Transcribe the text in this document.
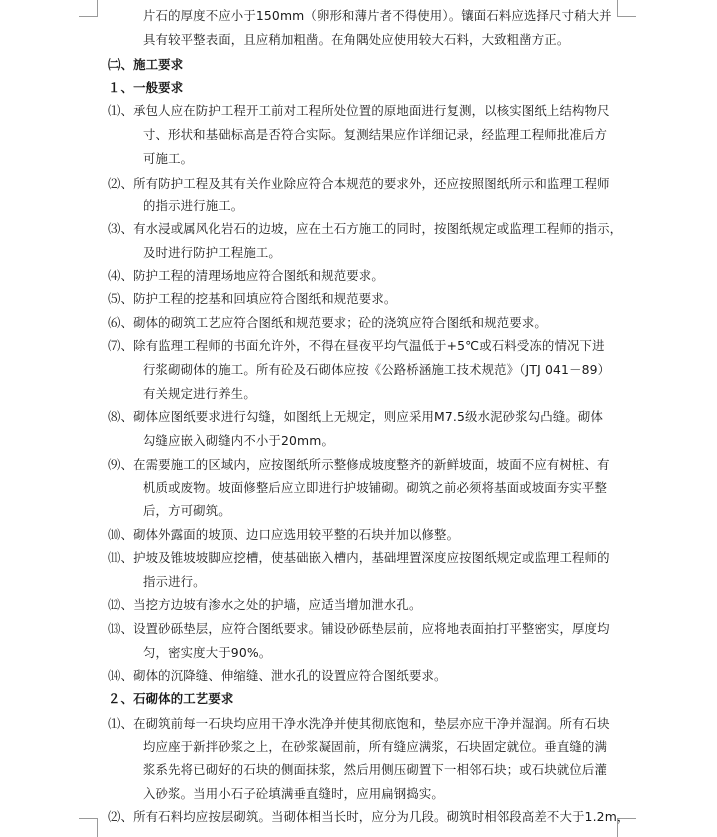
片石的厚度不应小于150mm（卵形和薄片者不得使用）。镶面石料应选择尺寸稍大并
具有较平整表面，且应稍加粗凿。在角隅处应使用较大石料，大致粗凿方正。
㈡、施工要求
１、一般要求
⑴、承包人应在防护工程开工前对工程所处位置的原地面进行复测，以核实图纸上结构物尺
寸、形状和基础标高是否符合实际。复测结果应作详细记录，经监理工程师批准后方
可施工。
⑵、所有防护工程及其有关作业除应符合本规范的要求外，还应按照图纸所示和监理工程师
的指示进行施工。
⑶、有水浸或属风化岩石的边坡，应在土石方施工的同时，按图纸规定或监理工程师的指示，
及时进行防护工程施工。
⑷、防护工程的清理场地应符合图纸和规范要求。
⑸、防护工程的挖基和回填应符合图纸和规范要求。
⑹、砌体的砌筑工艺应符合图纸和规范要求；砼的浇筑应符合图纸和规范要求。
⑺、除有监理工程师的书面允许外，不得在昼夜平均气温低于+5℃或石料受冻的情况下进
行浆砌砌体的施工。所有砼及石砌体应按《公路桥涵施工技术规范》（JTJ 041－89）
有关规定进行养生。
⑻、砌体应图纸要求进行勾缝，如图纸上无规定，则应采用M7.5级水泥砂浆勾凸缝。砌体
勾缝应嵌入砌缝内不小于20mm。
⑼、在需要施工的区域内，应按图纸所示整修成坡度整齐的新鲜坡面，坡面不应有树桩、有
机质或废物。坡面修整后应立即进行护坡铺砌。砌筑之前必须将基面或坡面夯实平整
后，方可砌筑。
⑽、砌体外露面的坡顶、边口应选用较平整的石块并加以修整。
⑾、护坡及锥坡坡脚应挖槽，使基础嵌入槽内，基础埋置深度应按图纸规定或监理工程师的
指示进行。
⑿、当挖方边坡有渗水之处的护墙，应适当增加泄水孔。
⒀、设置砂砾垫层，应符合图纸要求。铺设砂砾垫层前，应将地表面拍打平整密实，厚度均
匀，密实度大于90%。
⒁、砌体的沉降缝、伸缩缝、泄水孔的设置应符合图纸要求。
２、石砌体的工艺要求
⑴、在砌筑前每一石块均应用干净水洗净并使其彻底饱和，垫层亦应干净并湿润。所有石块
均应座于新拌砂浆之上，在砂浆凝固前，所有缝应满浆，石块固定就位。垂直缝的满
浆系先将已砌好的石块的侧面抹浆，然后用侧压砌置下一相邻石块；或石块就位后灌
入砂浆。当用小石子砼填满垂直缝时，应用扁钢捣实。
⑵、所有石料均应按层砌筑。当砌体相当长时，应分为几段。砌筑时相邻段高差不大于1.2m，
